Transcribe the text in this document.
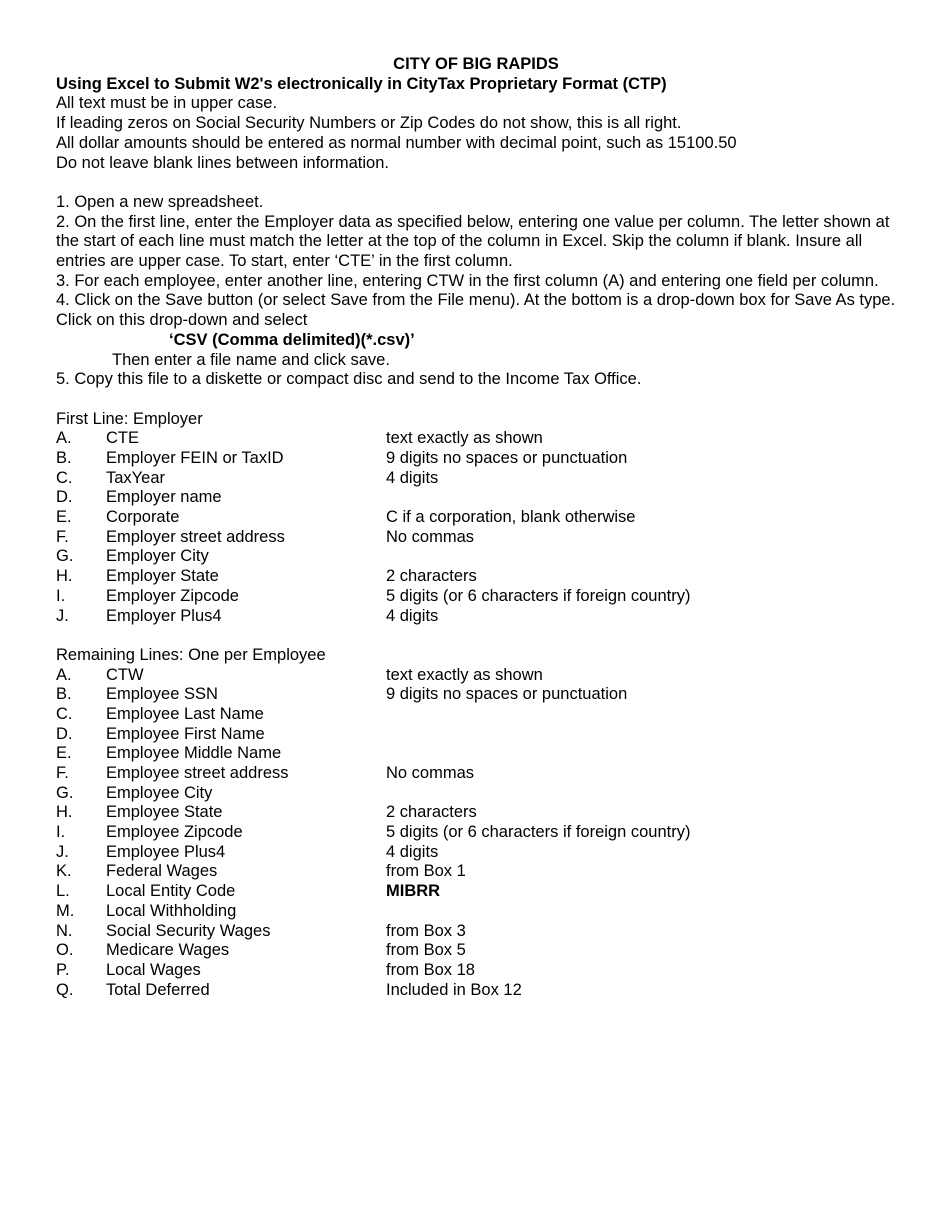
CITY OF BIG RAPIDS

Using Excel to Submit W2's electronically in CityTax Proprietary Format (CTP)

All text must be in upper case.

If leading zeros on Social Security Numbers or Zip Codes do not show, this is all right.

All dollar amounts should be entered as normal number with decimal point, such as 15100.50

Do not leave blank lines between information.

1. Open a new spreadsheet.

2. On the first line, enter the Employer data as specified below, entering one value per column. The letter shown at the start of each line must match the letter at the top of the column in Excel. Skip the column if blank. Insure all entries are upper case. To start, enter ‘CTE’ in the first column.

3. For each employee, enter another line, entering CTW in the first column (A) and entering one field per column.

4. Click on the Save button (or select Save from the File menu). At the bottom is a drop-down box for Save As type. Click on this drop-down and select

‘CSV (Comma delimited)(*.csv)’

Then enter a file name and click save.

5. Copy this file to a diskette or compact disc and send to the Income Tax Office.

First Line: Employer

A.	CTE	text exactly as shown
B.	Employer FEIN or TaxID	9 digits no spaces or punctuation
C.	TaxYear	4 digits
D.	Employer name
E.	Corporate	C if a corporation, blank otherwise
F.	Employer street address	No commas
G.	Employer City
H.	Employer State	2 characters
I.	Employer Zipcode	5 digits (or 6 characters if foreign country)
J.	Employer Plus4	4 digits

Remaining Lines: One per Employee

A.	CTW	text exactly as shown
B.	Employee SSN	9 digits no spaces or punctuation
C.	Employee Last Name
D.	Employee First Name
E.	Employee Middle Name
F.	Employee street address	No commas
G.	Employee City
H.	Employee State	2 characters
I.	Employee Zipcode	5 digits (or 6 characters if foreign country)
J.	Employee Plus4	4 digits
K.	Federal Wages	from Box 1
L.	Local Entity Code	MIBRR
M.	Local Withholding
N.	Social Security Wages	from Box 3
O.	Medicare Wages	from Box 5
P.	Local Wages	from Box 18
Q.	Total Deferred	Included in Box 12
